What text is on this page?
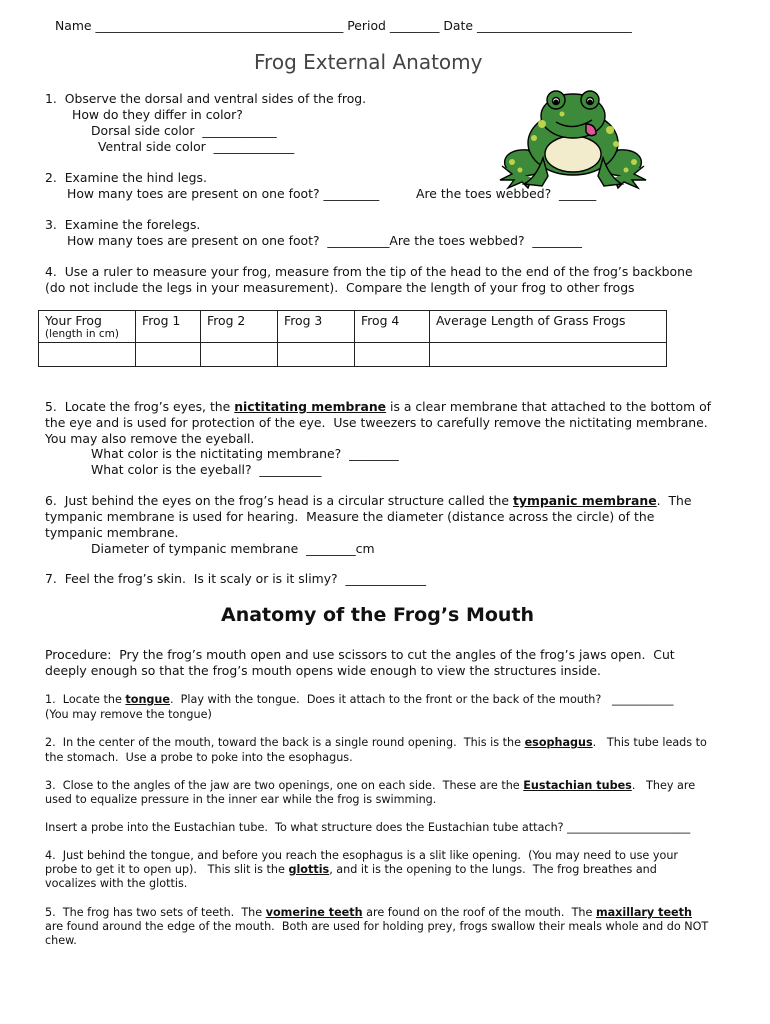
Name ________________________________________ Period ________ Date _________________________
Frog External Anatomy
1.  Observe the dorsal and ventral sides of the frog.
How do they differ in color?
Dorsal side color  ____________
Ventral side color  _____________
2.  Examine the hind legs.
How many toes are present on one foot? _________	Are the toes webbed?  ______
3.  Examine the forelegs.
How many toes are present on one foot?  __________Are the toes webbed?  ________
4.  Use a ruler to measure your frog, measure from the tip of the head to the end of the frog’s backbone
(do not include the legs in your measurement).  Compare the length of your frog to other frogs
Your Frog
(length in cm)	Frog 1	Frog 2	Frog 3	Frog 4	Average Length of Grass Frogs

5.  Locate the frog’s eyes, the nictitating membrane is a clear membrane that attached to the bottom of
the eye and is used for protection of the eye.  Use tweezers to carefully remove the nictitating membrane.
You may also remove the eyeball.
What color is the nictitating membrane?  ________
What color is the eyeball?  __________
6.  Just behind the eyes on the frog’s head is a circular structure called the tympanic membrane.  The
tympanic membrane is used for hearing.  Measure the diameter (distance across the circle) of the
tympanic membrane.
Diameter of tympanic membrane  ________cm
7.  Feel the frog’s skin.  Is it scaly or is it slimy?  _____________
Anatomy of the Frog’s Mouth
Procedure:  Pry the frog’s mouth open and use scissors to cut the angles of the frog’s jaws open.  Cut
deeply enough so that the frog’s mouth opens wide enough to view the structures inside.
1.  Locate the tongue.  Play with the tongue.  Does it attach to the front or the back of the mouth?   ___________
(You may remove the tongue)
2.  In the center of the mouth, toward the back is a single round opening.  This is the esophagus.   This tube leads to
the stomach.  Use a probe to poke into the esophagus.
3.  Close to the angles of the jaw are two openings, one on each side.  These are the Eustachian tubes.   They are
used to equalize pressure in the inner ear while the frog is swimming.
Insert a probe into the Eustachian tube.  To what structure does the Eustachian tube attach? ______________________
4.  Just behind the tongue, and before you reach the esophagus is a slit like opening.  (You may need to use your
probe to get it to open up).   This slit is the glottis, and it is the opening to the lungs.  The frog breathes and
vocalizes with the glottis.
5.  The frog has two sets of teeth.  The vomerine teeth are found on the roof of the mouth.  The maxillary teeth
are found around the edge of the mouth.  Both are used for holding prey, frogs swallow their meals whole and do NOT
chew.
